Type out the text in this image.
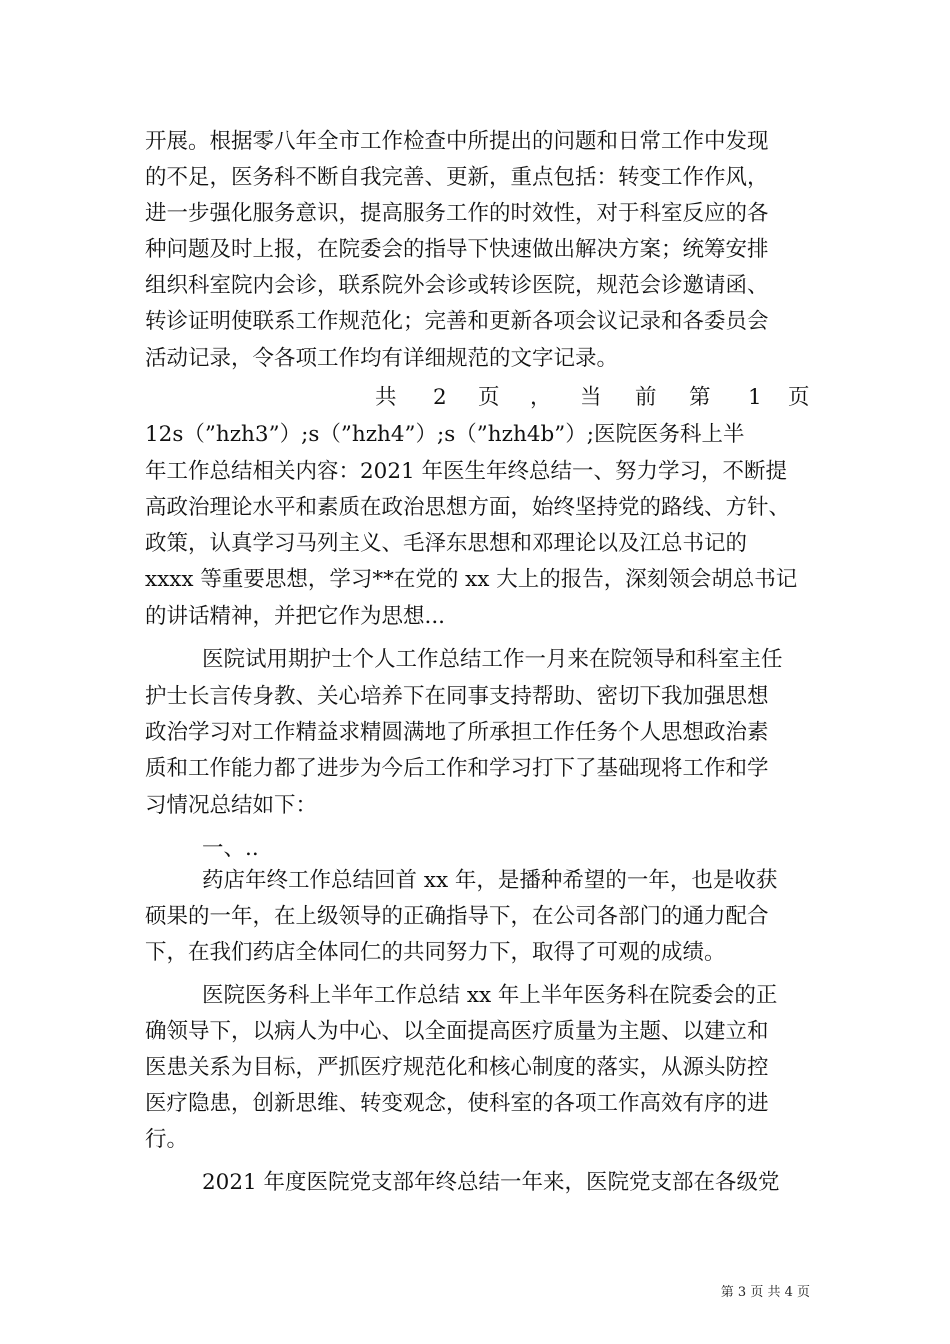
开展。根据零八年全市工作检查中所提出的问题和日常工作中发现
的不足，医务科不断自我完善、更新，重点包括：转变工作作风，
进一步强化服务意识，提高服务工作的时效性，对于科室反应的各
种问题及时上报，在院委会的指导下快速做出解决方案；统筹安排
组织科室院内会诊，联系院外会诊或转诊医院，规范会诊邀请函、
转诊证明使联系工作规范化；完善和更新各项会议记录和各委员会
活动记录，令各项工作均有详细规范的文字记录。
共 2 页 ， 当 前 第 1 页
12s（”hzh3”）;s（”hzh4”）;s（”hzh4b”）;医院医务科上半
年工作总结相关内容：2021 年医生年终总结一、努力学习，不断提
高政治理论水平和素质在政治思想方面，始终坚持党的路线、方针、
政策，认真学习马列主义、毛泽东思想和邓理论以及江总书记的
xxxx 等重要思想，学习**在党的 xx 大上的报告，深刻领会胡总书记
的讲话精神，并把它作为思想...
医院试用期护士个人工作总结工作一月来在院领导和科室主任
护士长言传身教、关心培养下在同事支持帮助、密切下我加强思想
政治学习对工作精益求精圆满地了所承担工作任务个人思想政治素
质和工作能力都了进步为今后工作和学习打下了基础现将工作和学
习情况总结如下：
一、..
药店年终工作总结回首 xx 年，是播种希望的一年，也是收获
硕果的一年，在上级领导的正确指导下，在公司各部门的通力配合
下，在我们药店全体同仁的共同努力下，取得了可观的成绩。
医院医务科上半年工作总结 xx 年上半年医务科在院委会的正
确领导下，以病人为中心、以全面提高医疗质量为主题、以建立和
医患关系为目标，严抓医疗规范化和核心制度的落实，从源头防控
医疗隐患，创新思维、转变观念，使科室的各项工作高效有序的进
行。
2021 年度医院党支部年终总结一年来，医院党支部在各级党
第 3 页 共 4 页
